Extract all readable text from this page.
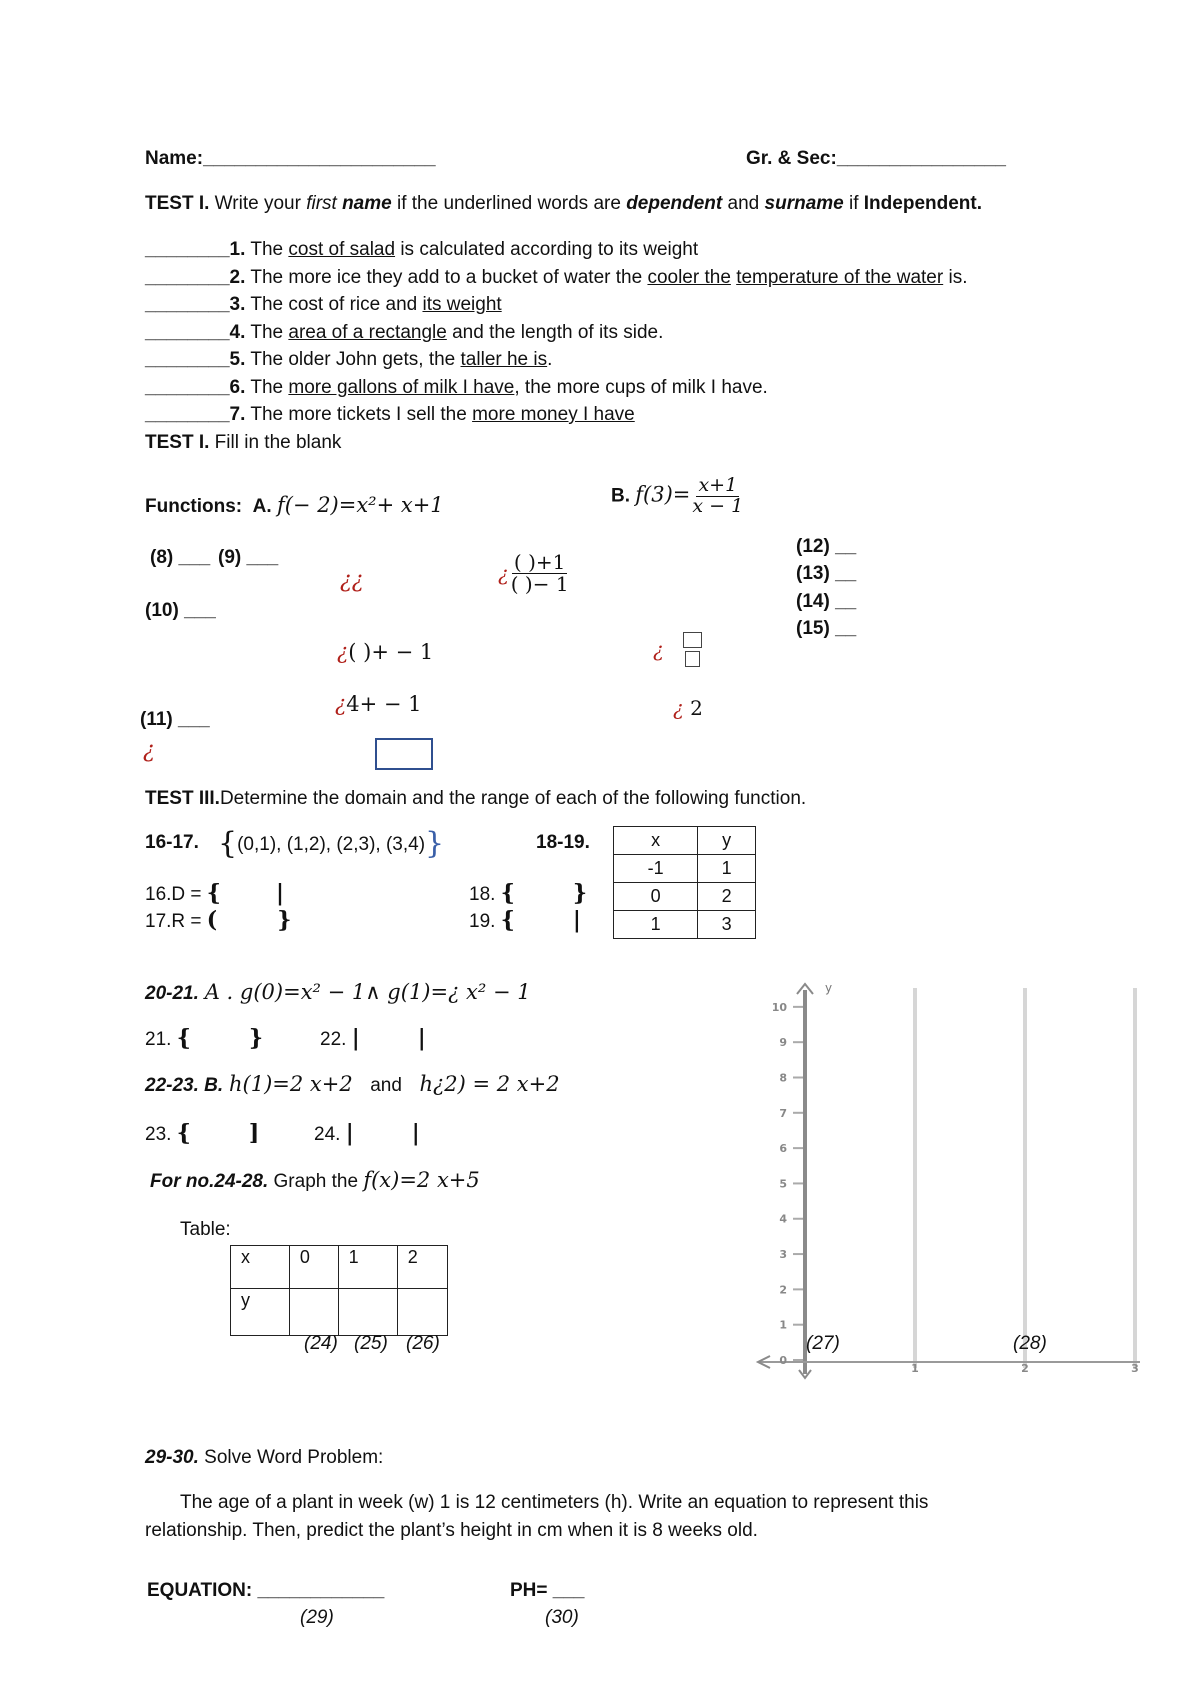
Name:______________________	Gr. & Sec:________________
TEST I. Write your first name if the underlined words are dependent and surname if Independent.
________1. The cost of salad is calculated according to its weight
________2. The more ice they add to a bucket of water the cooler the temperature of the water is.
________3. The cost of rice and its weight
________4. The area of a rectangle and the length of its side.
________5. The older John gets, the taller he is.
________6. The more gallons of milk I have, the more cups of milk I have.
________7. The more tickets I sell the more money I have
TEST I. Fill in the blank
Functions: A. f(− 2)=x²+ x+1	B. $f(3)= \frac{x+1}{x - 1}$
(8) ___ (9) ___
(10) ___
(11) ___
(12) __
(13) __
(14) __
(15) __
¿¿
¿( )+ − 1
¿4+ − 1
¿
¿ $\frac{( )+1}{( )- 1}$
¿
¿ 2
TEST III.Determine the domain and the range of each of the following function.
16-17. {(0,1), (1,2), (2,3), (3,4)}
16.D = {	|
17.R = (	}
18-19.
18. {	}
19. {	|
x	y
-1	1
0	2
1	3
20-21. A . g(0)=x² − 1∧ g(1)=¿ x² − 1
21. {	}	22. |	|
22-23. B. h(1)=2 x+2 and h¿2) = 2 x+2
23. {	]	24. |	|
For no.24-28. Graph the f(x)=2 x+5
Table:
x	0	1	2
y			
(24) (25) (26)
y
0
1
2
3
4
5
6
7
8
9
10
1	2	3
(27)	(28)
29-30. Solve Word Problem:
The age of a plant in week (w) 1 is 12 centimeters (h). Write an equation to represent this
relationship. Then, predict the plant’s height in cm when it is 8 weeks old.
EQUATION: ____________	PH= ___
(29)	(30)
